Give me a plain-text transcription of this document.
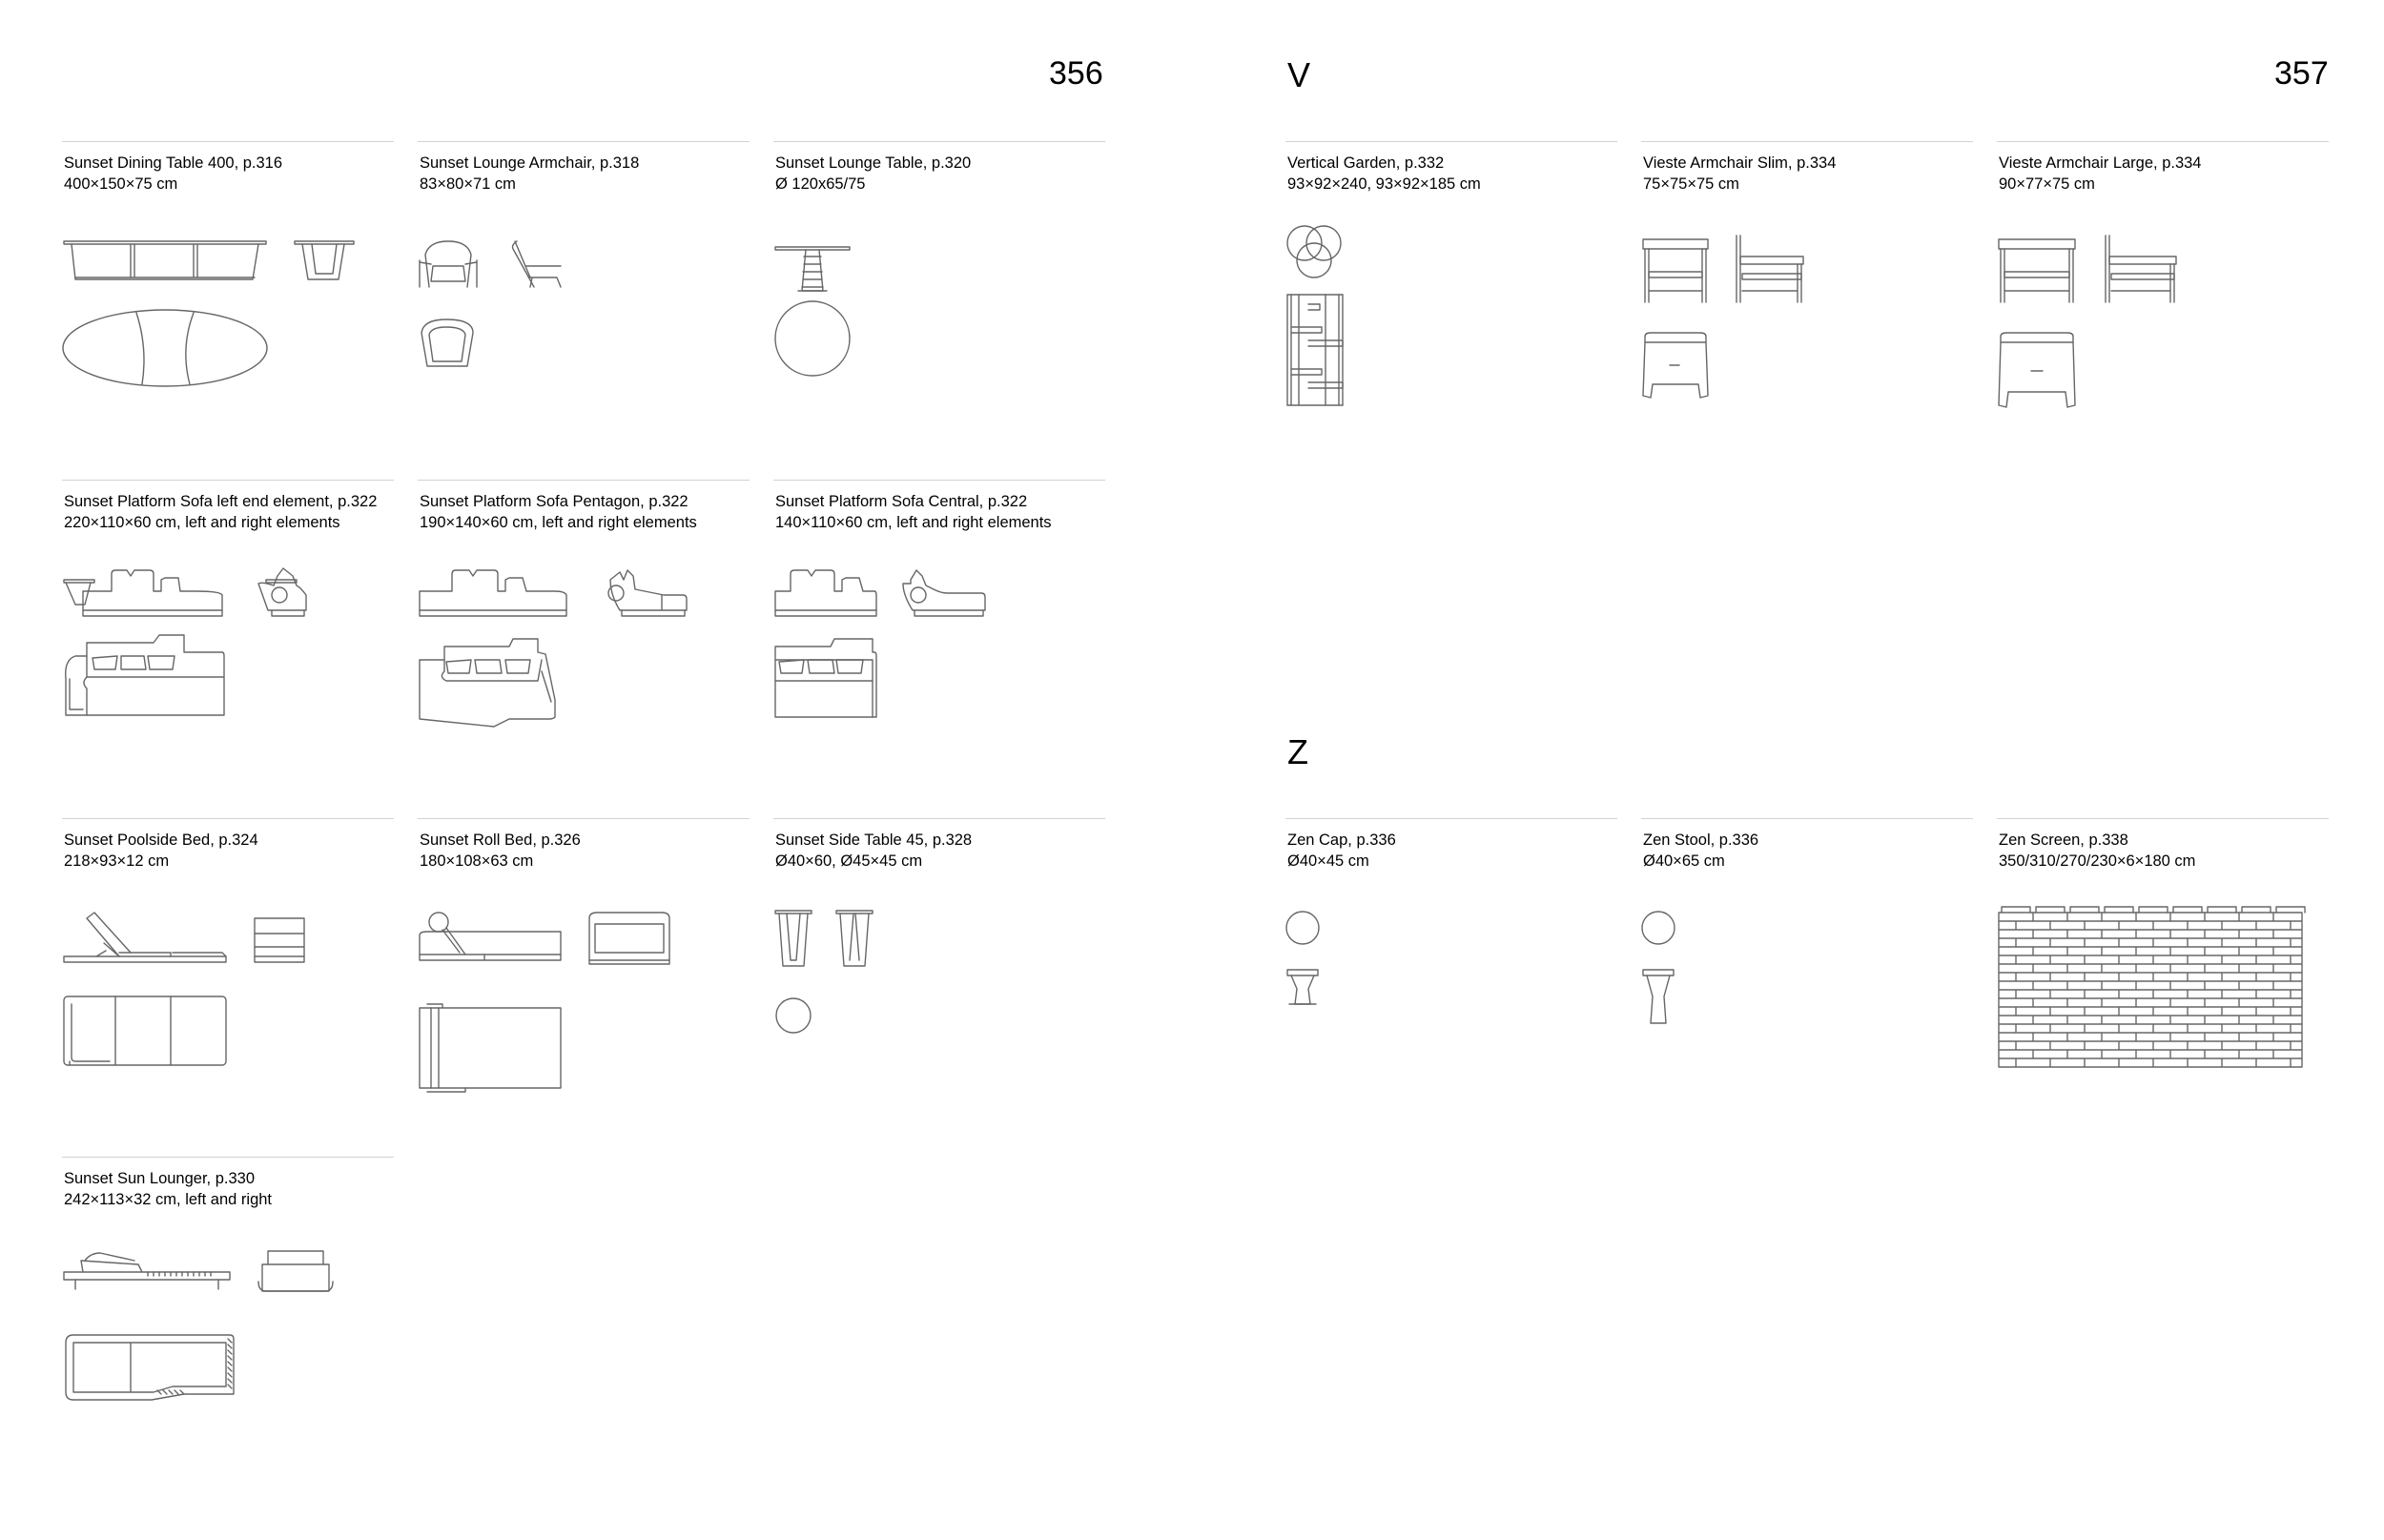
356	357
V
Z
Sunset Dining Table 400, p.316
400×150×75 cm
Sunset Lounge Armchair, p.318
83×80×71 cm
Sunset Lounge Table, p.320
Ø 120x65/75
Sunset Platform Sofa left end element, p.322
220×110×60 cm, left and right elements
Sunset Platform Sofa Pentagon, p.322
190×140×60 cm, left and right elements
Sunset Platform Sofa Central, p.322
140×110×60 cm, left and right elements
Sunset Poolside Bed, p.324
218×93×12 cm
Sunset Roll Bed, p.326
180×108×63 cm
Sunset Side Table 45, p.328
Ø40×60, Ø45×45 cm
Sunset Sun Lounger, p.330
242×113×32 cm, left and right
Vertical Garden, p.332
93×92×240, 93×92×185 cm
Vieste Armchair Slim, p.334
75×75×75 cm
Vieste Armchair Large, p.334
90×77×75 cm
Zen Cap, p.336
Ø40×45 cm
Zen Stool, p.336
Ø40×65 cm
Zen Screen, p.338
350/310/270/230×6×180 cm
